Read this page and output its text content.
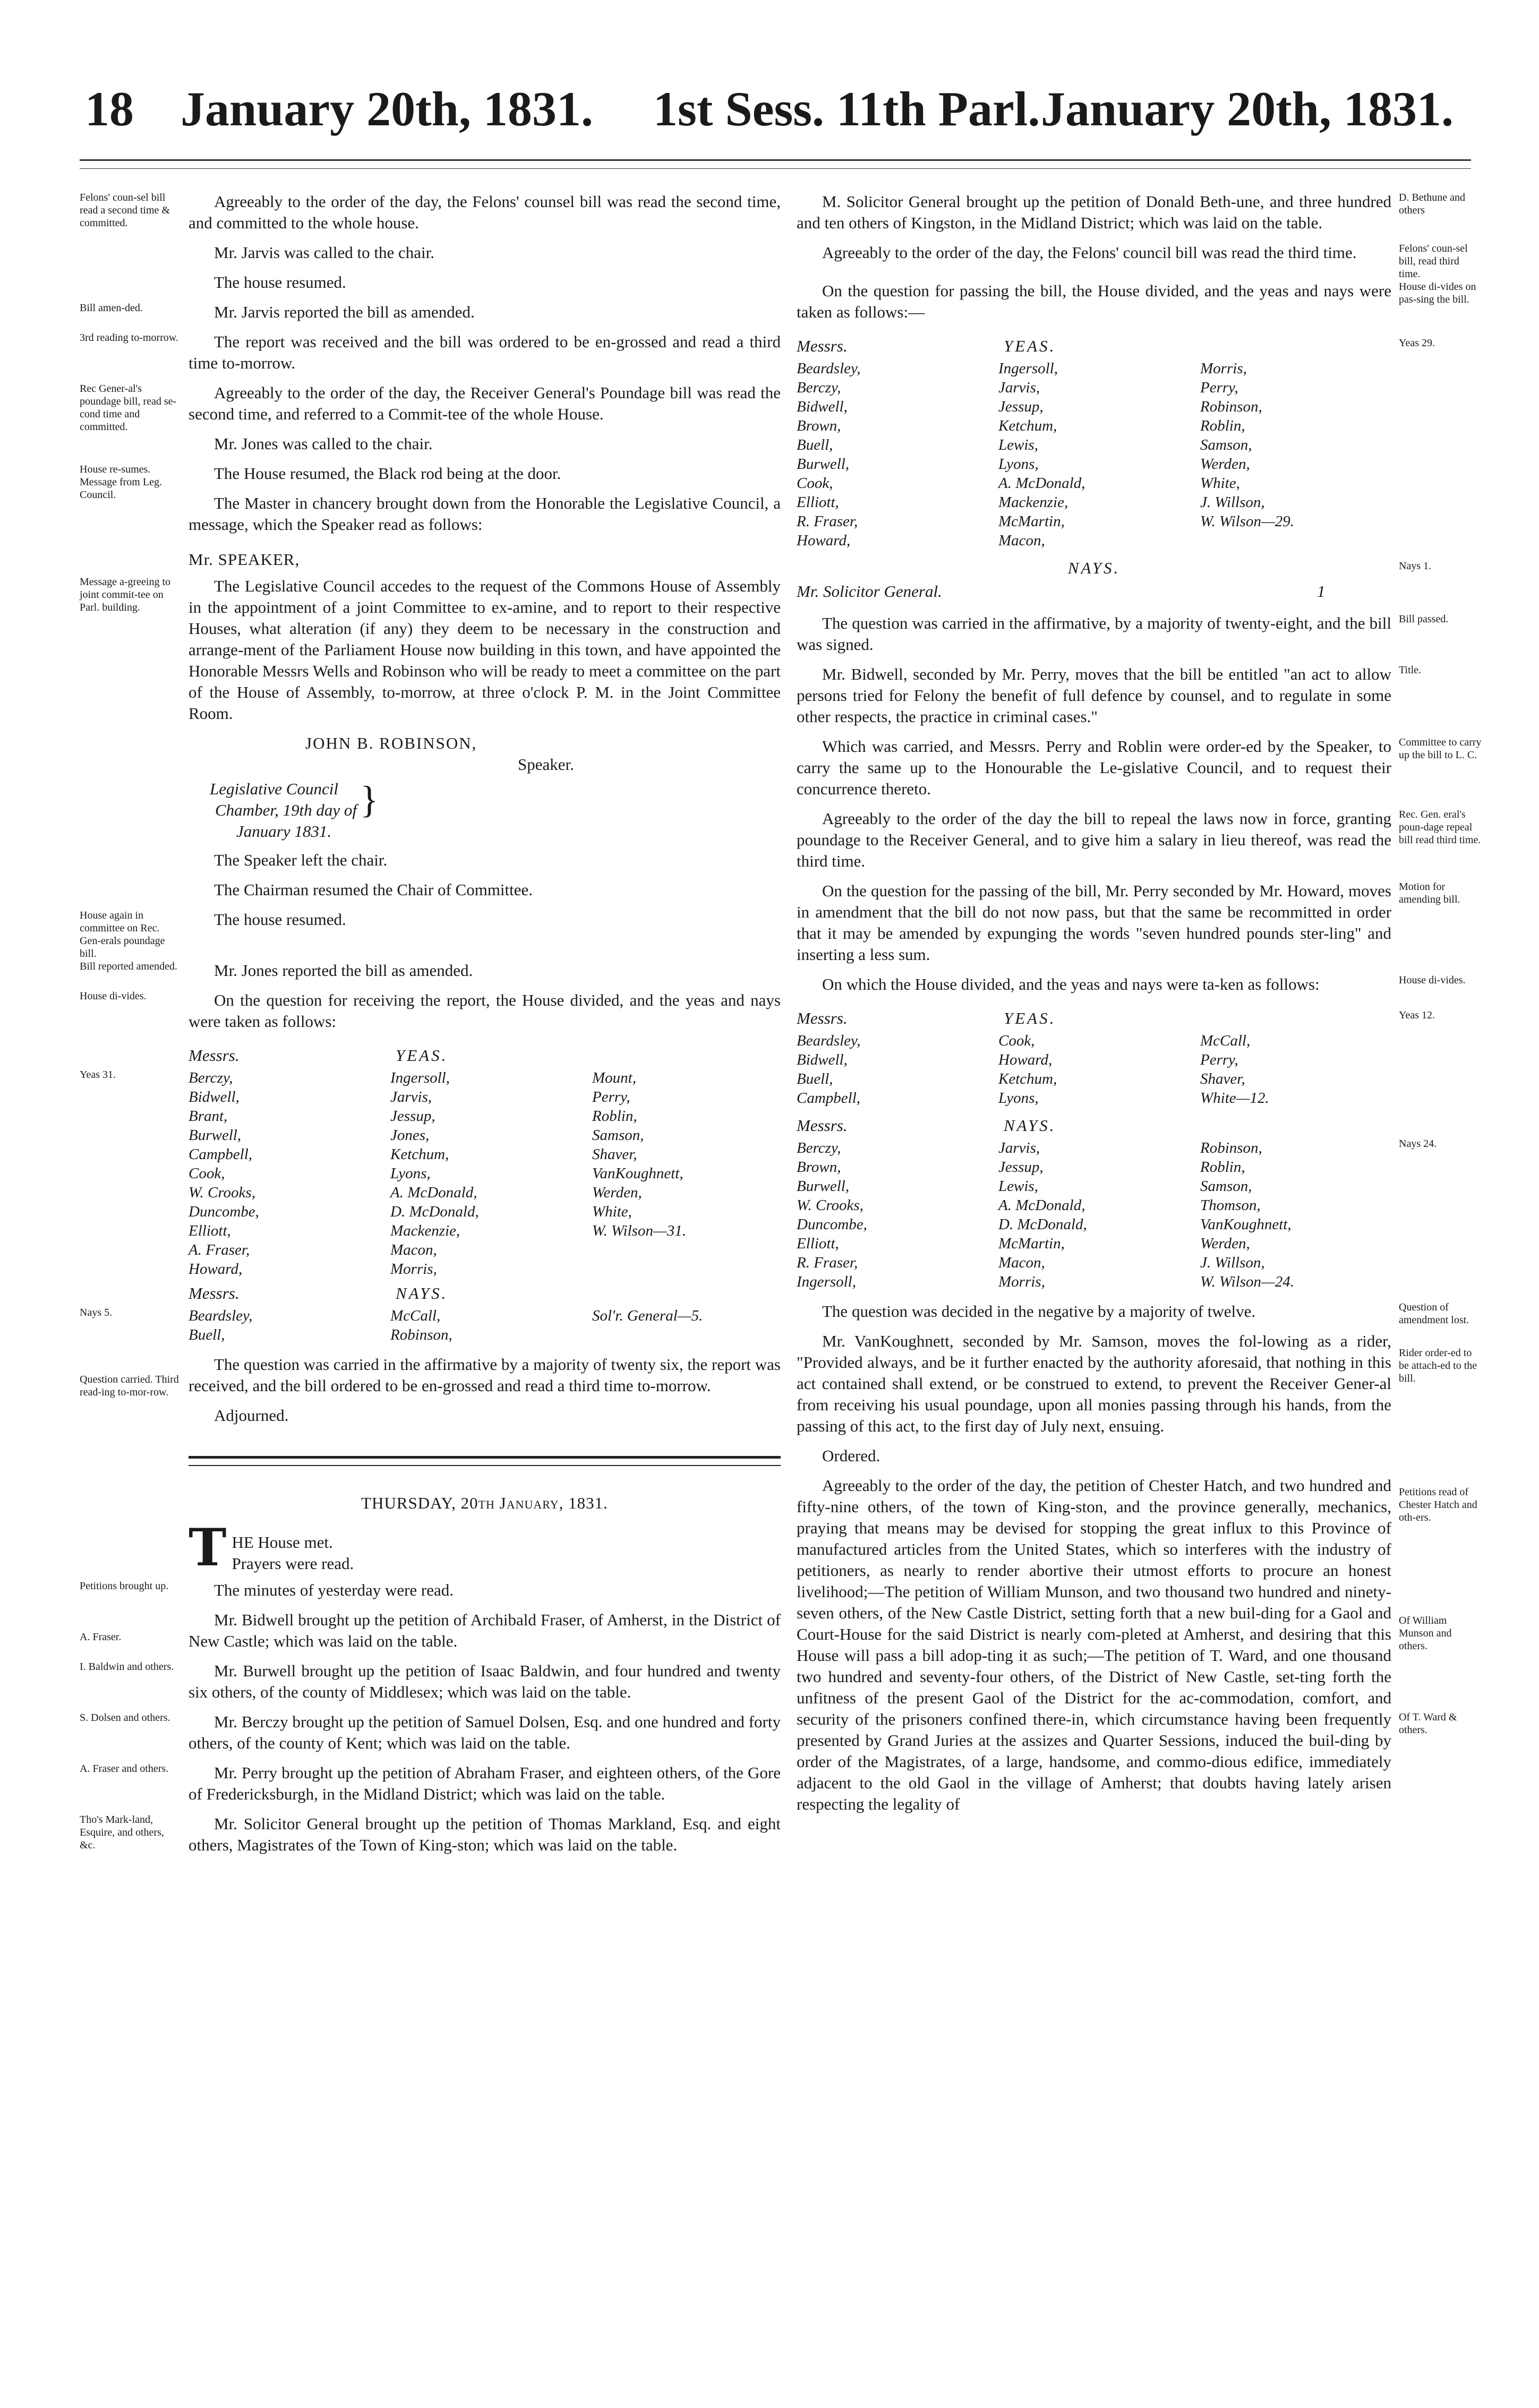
18 January 20th, 1831. 1st Sess. 11th Parl. January 20th, 1831.
Felons' coun-sel bill read a second time & committed.

Agreeably to the order of the day, the Felons' counsel bill was read the second time, and committed to the whole house.

Mr. Jarvis was called to the chair.

The house resumed.

Bill amen-ded.	Mr. Jarvis reported the bill as amended.

3rd reading to-morrow.	The report was received and the bill was ordered to be en-grossed and read a third time to-morrow.

Rec Gener-al's poundage bill, read se-cond time and committed.

Agreeably to the order of the day, the Receiver General's Poundage bill was read the second time, and referred to a Commit-tee of the whole House.

Mr. Jones was called to the chair.

House re-sumes. Message from Leg. Council.

The House resumed, the Black rod being at the door.

The Master in chancery brought down from the Honorable the Legislative Council, a message, which the Speaker read as follows:

Mr. SPEAKER,
Message a-greeing to joint commit-tee on Parl. building.

The Legislative Council accedes to the request of the Commons House of Assembly in the appointment of a joint Committee to ex-amine, and to report to their respective Houses, what alteration (if any) they deem to be necessary in the construction and arrange-ment of the Parliament House now building in this town, and have appointed the Honorable Messrs Wells and Robinson who will be ready to meet a committee on the part of the House of Assembly, to-morrow, at three o'clock P. M. in the Joint Committee Room.

JOHN B. ROBINSON,
Speaker.
Legislative Council
Chamber, 19th day of
January 1831.
}

The Speaker left the chair.

The Chairman resumed the Chair of Committee.

House again in committee on Rec. Gen-erals poundage bill.

The house resumed.

Bill reported amended.	Mr. Jones reported the bill as amended.

House di-vides.	On the question for receiving the report, the House divided, and the yeas and nays were taken as follows:

Messrs.	YEAS.
Yeas 31.	Berczy,	Ingersoll,	Mount,
Bidwell,	Jarvis,	Perry,
Brant,	Jessup,	Roblin,
Burwell,	Jones,	Samson,
Campbell,	Ketchum,	Shaver,
Cook,	Lyons,	VanKoughnett,
W. Crooks,	A. McDonald,	Werden,
Duncombe,	D. McDonald,	White,
Elliott,	Mackenzie,	W. Wilson—31.
A. Fraser,	Macon,
Howard,	Morris,
Messrs.	NAYS.
Nays 5.	Beardsley,	McCall,	Sol'r. General—5.
Buell,	Robinson,
Question carried. Third read-ing to-mor-row.

The question was carried in the affirmative by a majority of twenty six, the report was received, and the bill ordered to be en-grossed and read a third time to-morrow.

Adjourned.

THURSDAY, 20th January, 1831.
T HE House met.
Prayers were read.
Petitions brought up.	The minutes of yesterday were read.

A. Fraser.

Mr. Bidwell brought up the petition of Archibald Fraser, of Amherst, in the District of New Castle; which was laid on the table.

I. Baldwin and others.	Mr. Burwell brought up the petition of Isaac Baldwin, and four hundred and twenty six others, of the county of Middlesex; which was laid on the table.

S. Dolsen and others.	Mr. Berczy brought up the petition of Samuel Dolsen, Esq. and one hundred and forty others, of the county of Kent; which was laid on the table.

A. Fraser and others.	Mr. Perry brought up the petition of Abraham Fraser, and eighteen others, of the Gore of Fredericksburgh, in the Midland District; which was laid on the table.

Tho's Mark-land, Esquire, and others, &c.

Mr. Solicitor General brought up the petition of Thomas Markland, Esq. and eight others, Magistrates of the Town of King-ston; which was laid on the table.

M. Solicitor General brought up the petition of Donald Beth-une, and three hundred and ten others of Kingston, in the Midland District; which was laid on the table.

D. Bethune and others

Agreeably to the order of the day, the Felons' council bill was read the third time.	Felons' coun-sel bill, read third time.

On the question for passing the bill, the House divided, and the yeas and nays were taken as follows:—

House di-vides on pas-sing the bill.
Messrs.	YEAS.
Beardsley,	Ingersoll,	Morris,
Berczy,	Jarvis,	Perry,
Bidwell,	Jessup,	Robinson,
Brown,	Ketchum,	Roblin,
Buell,	Lewis,	Samson,
Burwell,	Lyons,	Werden,
Cook,	A. McDonald,	White,
Elliott,	Mackenzie,	J. Willson,
R. Fraser,	McMartin,	W. Wilson—29.
Howard,	Macon,
Yeas 29.
NAYS.
Mr. Solicitor General.	1
Nays 1.

The question was carried in the affirmative, by a majority of twenty-eight, and the bill was signed.

Bill passed.

Mr. Bidwell, seconded by Mr. Perry, moves that the bill be entitled "an act to allow persons tried for Felony the benefit of full defence by counsel, and to regulate in some other respects, the practice in criminal cases."

Title.

Which was carried, and Messrs. Perry and Roblin were order-ed by the Speaker, to carry the same up to the Honourable the Le-gislative Council, and to request their concurrence thereto.

Committee to carry up the bill to L. C.

Agreeably to the order of the day the bill to repeal the laws now in force, granting poundage to the Receiver General, and to give him a salary in lieu thereof, was read the third time.

Rec. Gen. eral's poun-dage repeal bill read third time.

On the question for the passing of the bill, Mr. Perry seconded by Mr. Howard, moves in amendment that the bill do not now pass, but that the same be recommitted in order that it may be amended by expunging the words "seven hundred pounds ster-ling" and inserting a less sum.

Motion for amending bill.

On which the House divided, and the yeas and nays were ta-ken as follows:	House di-vides.
Messrs.	YEAS.
Beardsley,	Cook,	McCall,
Bidwell,	Howard,	Perry,
Buell,	Ketchum,	Shaver,
Campbell,	Lyons,	White—12.
Yeas 12.
Messrs.	NAYS.
Berczy,	Jarvis,	Robinson,
Brown,	Jessup,	Roblin,
Burwell,	Lewis,	Samson,
W. Crooks,	A. McDonald,	Thomson,
Duncombe,	D. McDonald,	VanKoughnett,
Elliott,	McMartin,	Werden,
R. Fraser,	Macon,	J. Willson,
Ingersoll,	Morris,	W. Wilson—24.
Nays 24.

The question was decided in the negative by a majority of twelve.	Question of amendment lost.

Mr. VanKoughnett, seconded by Mr. Samson, moves the fol-lowing as a rider, "Provided always, and be it further enacted by the authority aforesaid, that nothing in this act contained shall extend, or be construed to extend, to prevent the Receiver Gener-al from receiving his usual poundage, upon all monies passing through his hands, from the passing of this act, to the first day of July next, ensuing.

Rider order-ed to be attach-ed to the bill.

Ordered.

Agreeably to the order of the day, the petition of Chester Hatch, and two hundred and fifty-nine others, of the town of King-ston, and the province generally, mechanics, praying that means may be devised for stopping the great influx to this Province of manufactured articles from the United States, which so interferes with the industry of petitioners, as nearly to render abortive their utmost efforts to procure an honest livelihood;—The petition of William Munson, and two thousand two hundred and ninety-seven others, of the New Castle District, setting forth that a new buil-ding for a Gaol and Court-House for the said District is nearly com-pleted at Amherst, and desiring that this House will pass a bill adop-ting it as such;—The petition of T. Ward, and one thousand two hundred and seventy-four others, of the District of New Castle, set-ting forth the unfitness of the present Gaol of the District for the ac-commodation, comfort, and security of the prisoners confined there-in, which circumstance having been frequently presented by Grand Juries at the assizes and Quarter Sessions, induced the buil-ding by order of the Magistrates, of a large, handsome, and commo-dious edifice, immediately adjacent to the old Gaol in the village of Amherst; that doubts having lately arisen respecting the legality of

Petitions read of Chester Hatch and oth-ers.
Of William Munson and others.
Of T. Ward & others.
